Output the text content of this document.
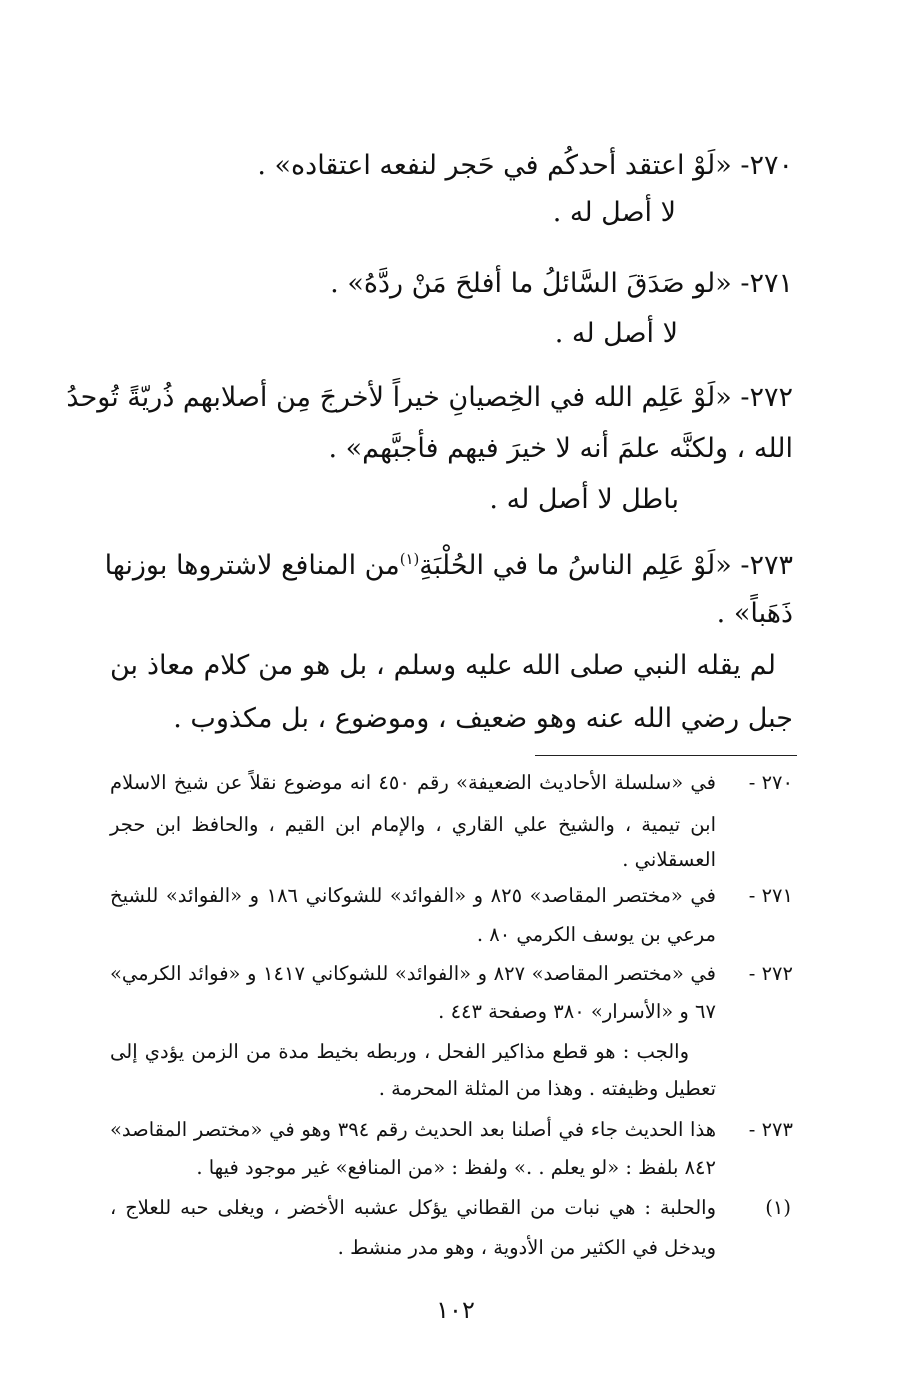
٢٧٠- «لَوْ اعتقد أحدكُم في حَجر لنفعه اعتقاده» .
لا أصل له .
٢٧١- «لو صَدَقَ السَّائلُ ما أفلحَ مَنْ ردَّهُ» .
لا أصل له .
٢٧٢- «لَوْ عَلِم الله في الخِصيانِ خيراً لأخرجَ مِن أصلابهم ذُريّةً تُوحدُ
الله ، ولكنَّه علمَ أنه لا خيرَ فيهم فأجبَّهم» .
باطل لا أصل له .
٢٧٣- «لَوْ عَلِم الناسُ ما في الحُلْبَةِ$^{(١)}$
من المنافع لاشتروها بوزنها
ذَهَباً» .
لم يقله النبي صلى الله عليه وسلم ، بل هو من كلام معاذ بن
جبل رضي الله عنه وهو ضعيف ، وموضوع ، بل مكذوب .
٢٧٠ -
في «سلسلة الأحاديث الضعيفة» رقم ٤٥٠ انه موضوع نقلاً عن شيخ الاسلام
ابن تيمية ، والشيخ علي القاري ، والإمام ابن القيم ، والحافظ ابن حجر
العسقلاني .
٢٧١ -
في «مختصر المقاصد» ٨٢٥ و «الفوائد» للشوكاني ١٨٦ و «الفوائد» للشيخ
مرعي بن يوسف الكرمي ٨٠ .
٢٧٢ -
في «مختصر المقاصد» ٨٢٧ و «الفوائد» للشوكاني ١٤١٧ و «فوائد الكرمي»
٦٧ و «الأسرار» ٣٨٠ وصفحة ٤٤٣ .
والجب : هو قطع مذاكير الفحل ، وربطه بخيط مدة من الزمن يؤدي إلى
تعطيل وظيفته . وهذا من المثلة المحرمة .
٢٧٣ -
هذا الحديث جاء في أصلنا بعد الحديث رقم ٣٩٤ وهو في «مختصر المقاصد»
٨٤٢ بلفظ : «لو يعلم . .» ولفظ : «من المنافع» غير موجود فيها .
(١)
والحلبة : هي نبات من القطاني يؤكل عشبه الأخضر ، ويغلى حبه للعلاج ،
ويدخل في الكثير من الأدوية ، وهو مدر منشط .
١٠٢
